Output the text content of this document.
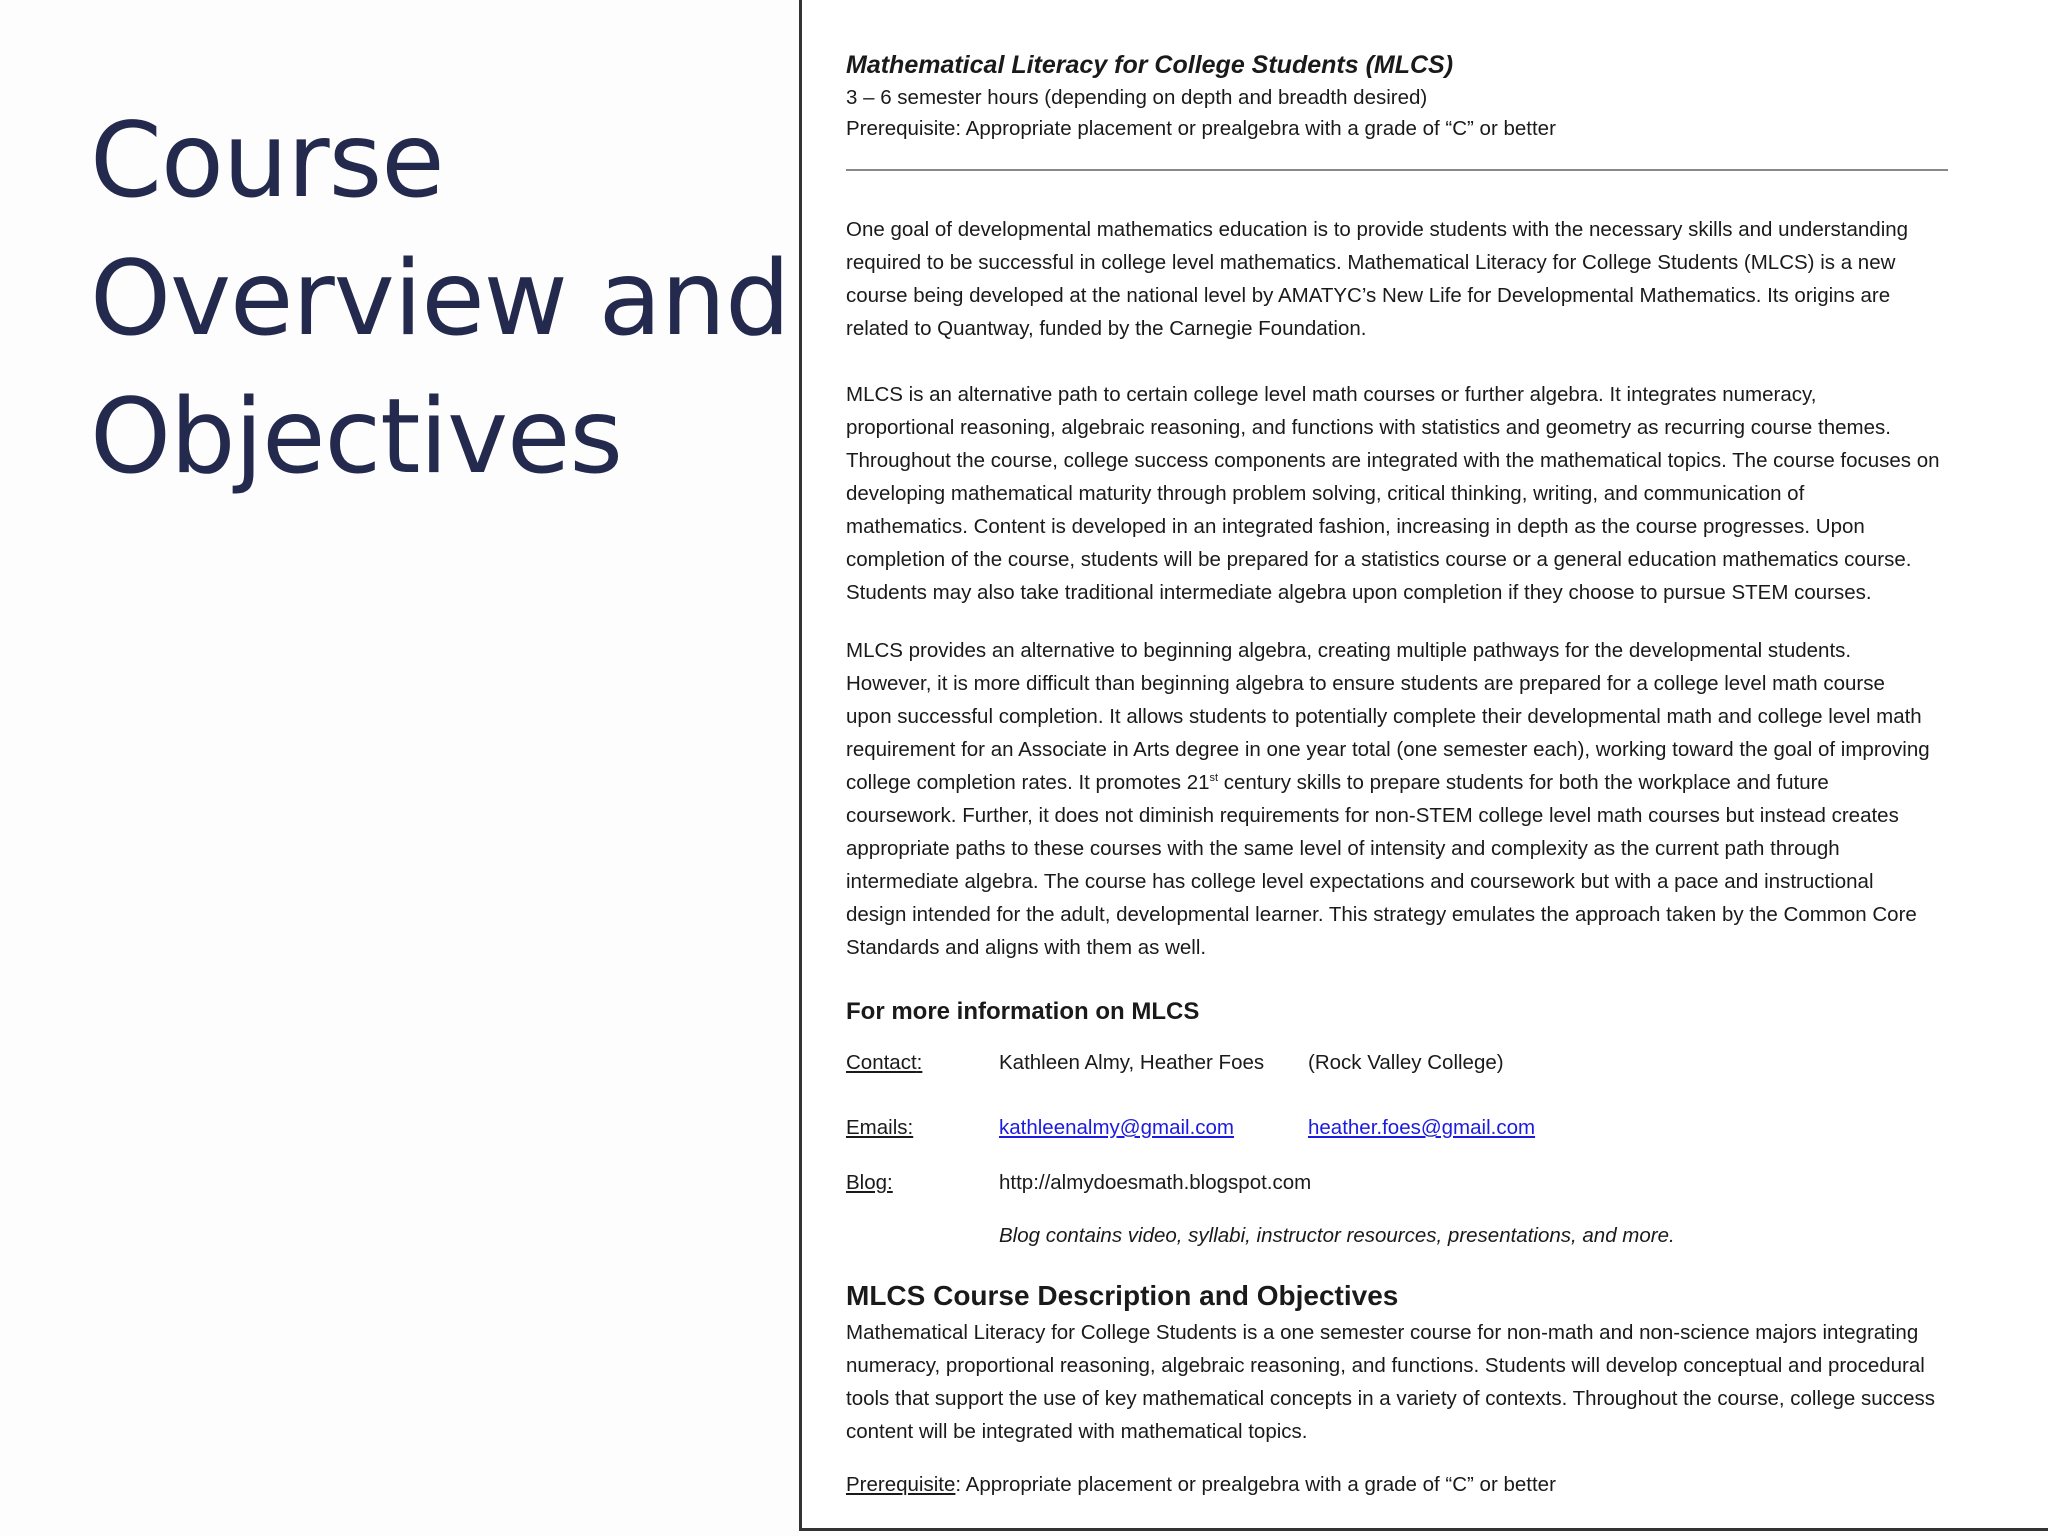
Course
Overview and
Objectives

Mathematical Literacy for College Students (MLCS)

3 – 6 semester hours (depending on depth and breadth desired)
Prerequisite: Appropriate placement or prealgebra with a grade of “C” or better

One goal of developmental mathematics education is to provide students with the necessary skills and understanding
required to be successful in college level mathematics. Mathematical Literacy for College Students (MLCS) is a new
course being developed at the national level by AMATYC’s New Life for Developmental Mathematics. Its origins are
related to Quantway, funded by the Carnegie Foundation.

MLCS is an alternative path to certain college level math courses or further algebra. It integrates numeracy,
proportional reasoning, algebraic reasoning, and functions with statistics and geometry as recurring course themes.
Throughout the course, college success components are integrated with the mathematical topics. The course focuses on
developing mathematical maturity through problem solving, critical thinking, writing, and communication of
mathematics. Content is developed in an integrated fashion, increasing in depth as the course progresses. Upon
completion of the course, students will be prepared for a statistics course or a general education mathematics course.
Students may also take traditional intermediate algebra upon completion if they choose to pursue STEM courses.

MLCS provides an alternative to beginning algebra, creating multiple pathways for the developmental students.
However, it is more difficult than beginning algebra to ensure students are prepared for a college level math course
upon successful completion. It allows students to potentially complete their developmental math and college level math
requirement for an Associate in Arts degree in one year total (one semester each), working toward the goal of improving
college completion rates. It promotes 21st century skills to prepare students for both the workplace and future
coursework. Further, it does not diminish requirements for non-STEM college level math courses but instead creates
appropriate paths to these courses with the same level of intensity and complexity as the current path through
intermediate algebra. The course has college level expectations and coursework but with a pace and instructional
design intended for the adult, developmental learner. This strategy emulates the approach taken by the Common Core
Standards and aligns with them as well.

For more information on MLCS
Contact:	Kathleen Almy, Heather Foes (Rock Valley College)
Emails:	kathleenalmy@gmail.com	heather.foes@gmail.com
Blog:	http://almydoesmath.blogspot.com
Blog contains video, syllabi, instructor resources, presentations, and more.
MLCS Course Description and Objectives

Mathematical Literacy for College Students is a one semester course for non-math and non-science majors integrating
numeracy, proportional reasoning, algebraic reasoning, and functions. Students will develop conceptual and procedural
tools that support the use of key mathematical concepts in a variety of contexts. Throughout the course, college success
content will be integrated with mathematical topics.

Prerequisite: Appropriate placement or prealgebra with a grade of “C” or better
